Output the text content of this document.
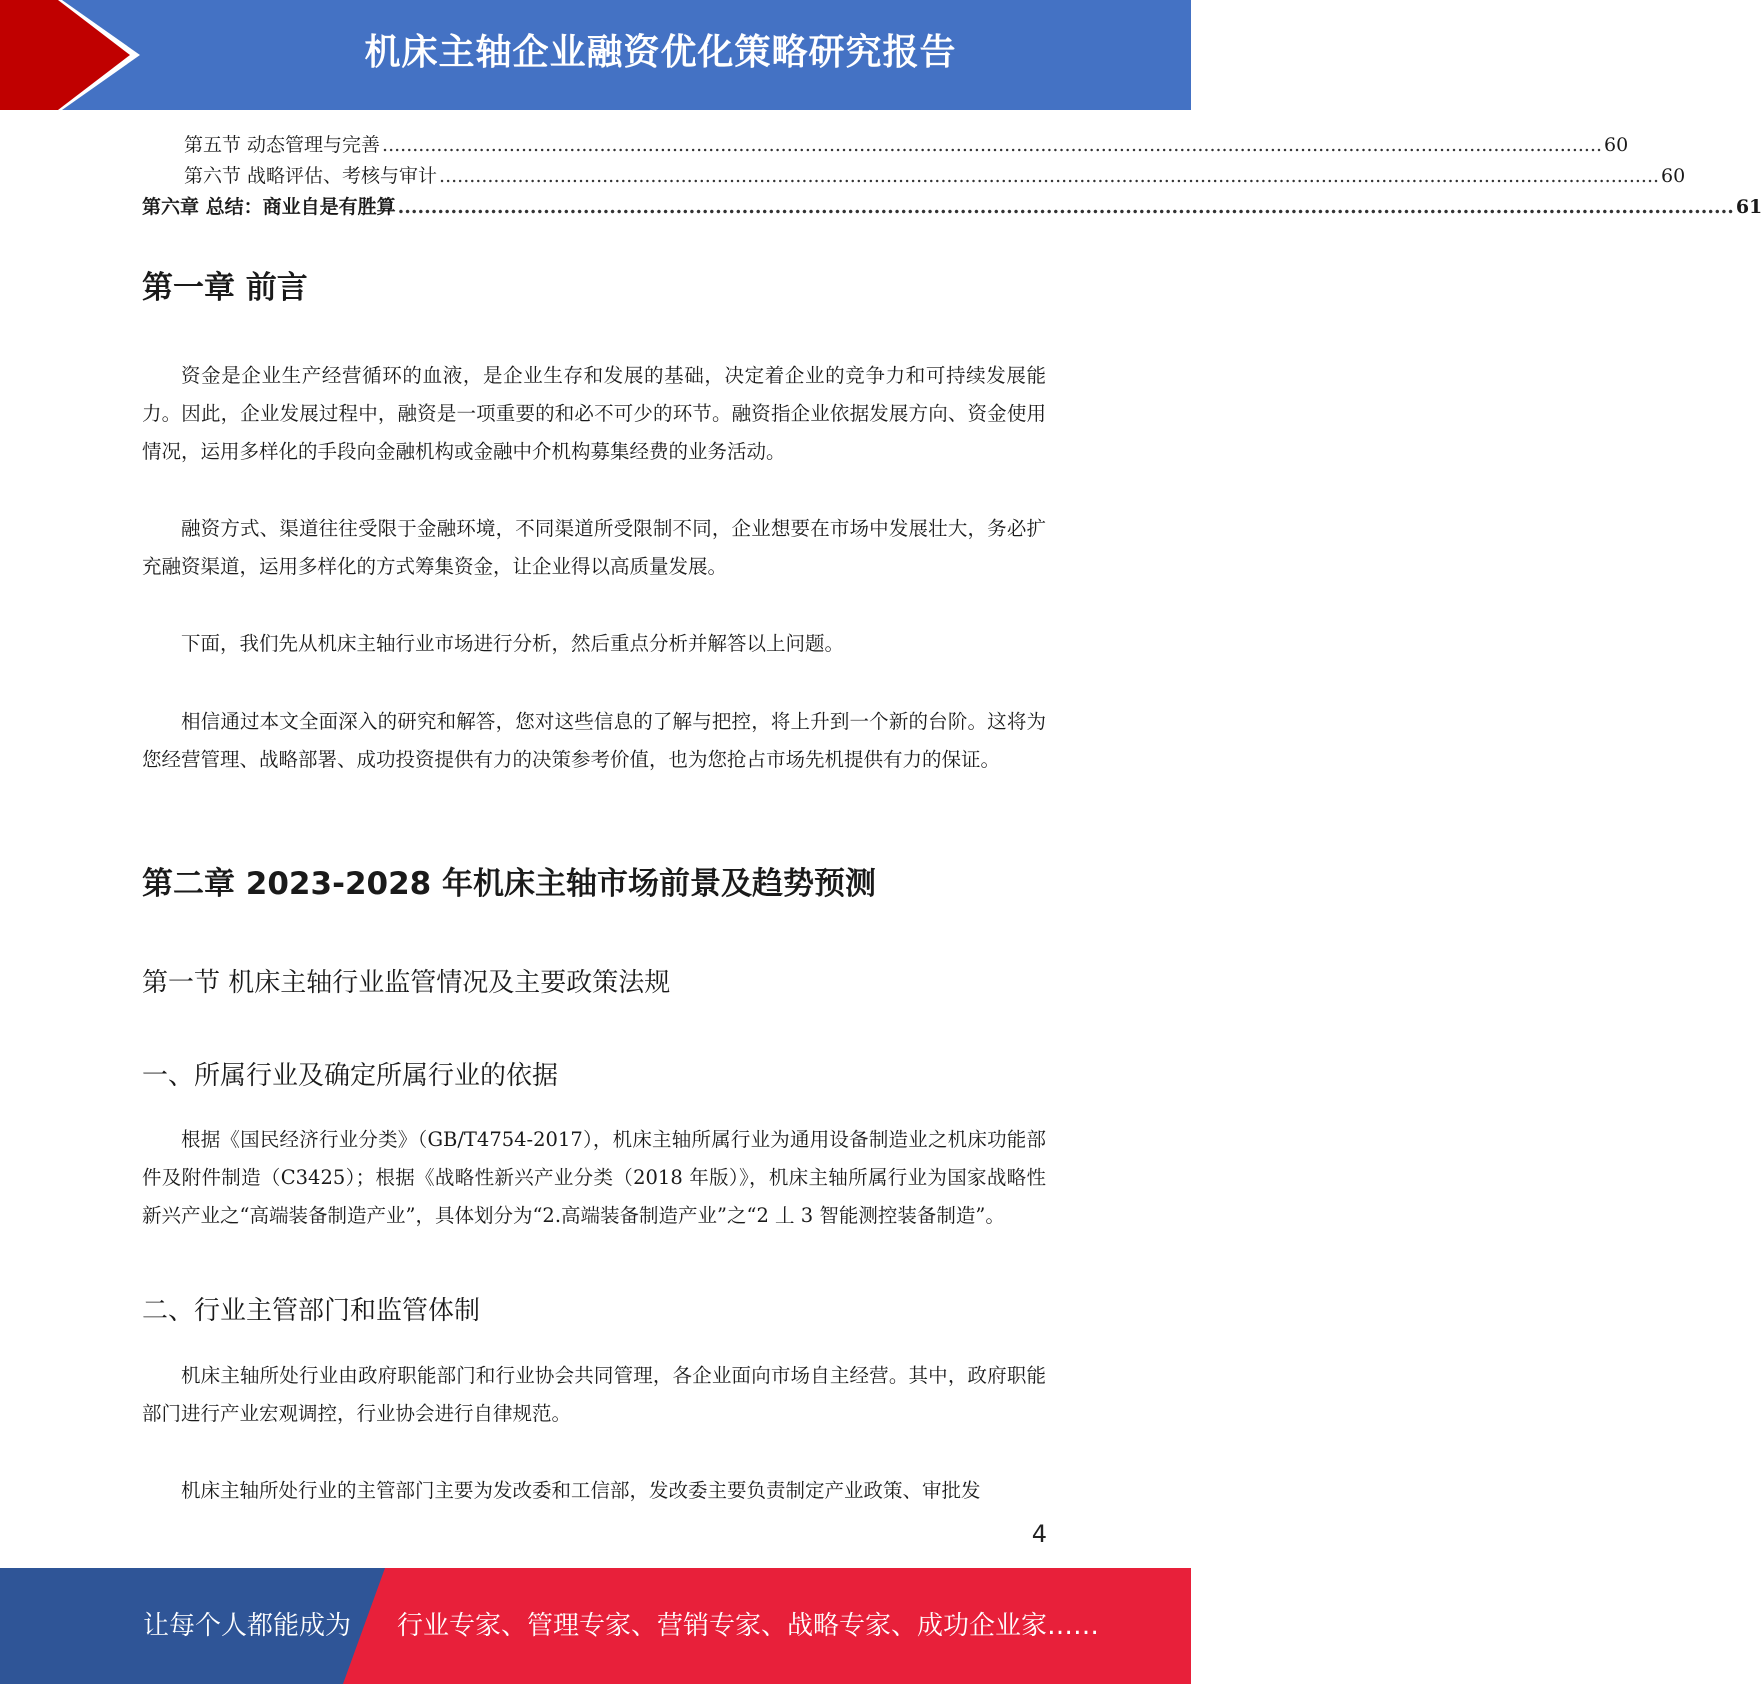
机床主轴企业融资优化策略研究报告
第五节 动态管理与完善 .......................................................................................................................................................................................................... 60
第六节 战略评估、考核与审计 .......................................................................................................................................................................................................... 60
第六章 总结：商业自是有胜算 .......................................................................................................................................................................................................... 61
第一章 前言

资金是企业生产经营循环的血液，是企业生存和发展的基础，决定着企业的竞争力和可持续发展能力。因此，企业发展过程中，融资是一项重要的和必不可少的环节。融资指企业依据发展方向、资金使用情况，运用多样化的手段向金融机构或金融中介机构募集经费的业务活动。

融资方式、渠道往往受限于金融环境，不同渠道所受限制不同，企业想要在市场中发展壮大，务必扩充融资渠道，运用多样化的方式筹集资金，让企业得以高质量发展。

下面，我们先从机床主轴行业市场进行分析，然后重点分析并解答以上问题。

相信通过本文全面深入的研究和解答，您对这些信息的了解与把控，将上升到一个新的台阶。这将为您经营管理、战略部署、成功投资提供有力的决策参考价值，也为您抢占市场先机提供有力的保证。

第二章 2023-2028 年机床主轴市场前景及趋势预测
第一节 机床主轴行业监管情况及主要政策法规
一、所属行业及确定所属行业的依据

根据《国民经济行业分类》（GB/T4754-2017），机床主轴所属行业为通用设备制造业之机床功能部件及附件制造（C3425）；根据《战略性新兴产业分类（2018 年版）》，机床主轴所属行业为国家战略性新兴产业之“高端装备制造产业”，具体划分为“2.高端装备制造产业”之“2 丄 3 智能测控装备制造”。

二、行业主管部门和监管体制

机床主轴所处行业由政府职能部门和行业协会共同管理，各企业面向市场自主经营。其中，政府职能部门进行产业宏观调控，行业协会进行自律规范。

机床主轴所处行业的主管部门主要为发改委和工信部，发改委主要负责制定产业政策、审批发

4
让每个人都能成为 行业专家、管理专家、营销专家、战略专家、成功企业家……
